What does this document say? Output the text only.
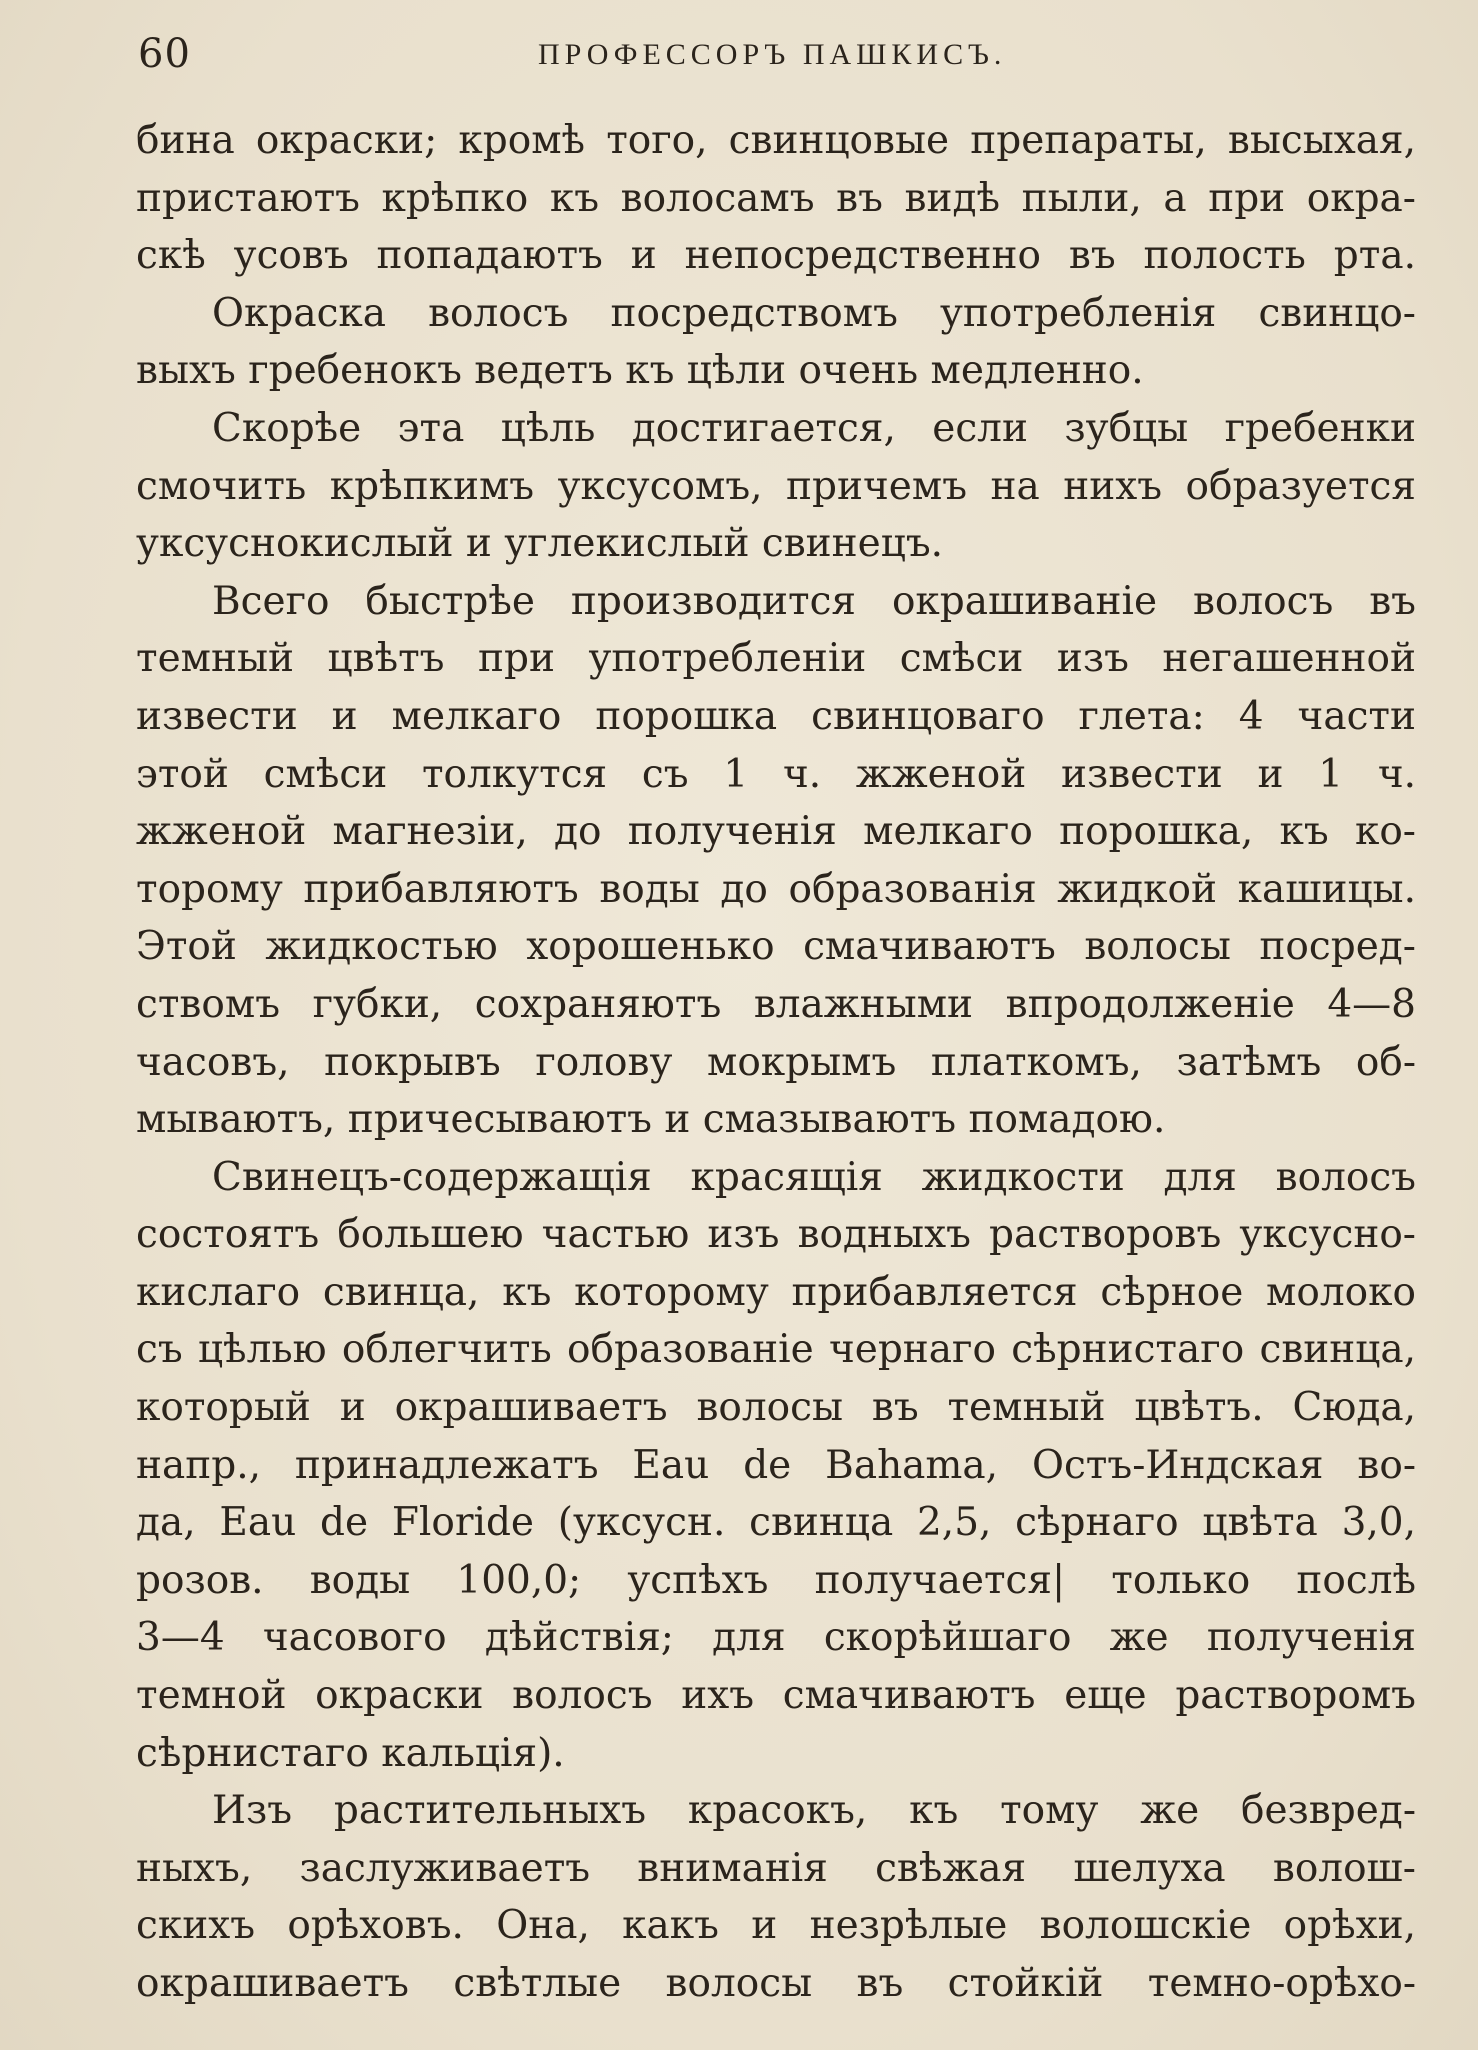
60	ПРОФЕССОРЪ ПАШКИСЪ.
бина окраски; кромѣ того, свинцовые препараты, высыхая,
пристаютъ крѣпко къ волосамъ въ видѣ пыли, а при окра-
скѣ усовъ попадаютъ и непосредственно въ полость рта.
Окраска волосъ посредствомъ употребленія свинцо-
выхъ гребенокъ ведетъ къ цѣли очень медленно.
Скорѣе эта цѣль достигается, если зубцы гребенки
смочить крѣпкимъ уксусомъ, причемъ на нихъ образуется
уксуснокислый и углекислый свинецъ.
Всего быстрѣе производится окрашиваніе волосъ въ
темный цвѣтъ при употребленіи смѣси изъ негашенной
извести и мелкаго порошка свинцоваго глета: 4 части
этой смѣси толкутся съ 1 ч. жженой извести и 1 ч.
жженой магнезіи, до полученія мелкаго порошка, къ ко-
торому прибавляютъ воды до образованія жидкой кашицы.
Этой жидкостью хорошенько смачиваютъ волосы посред-
ствомъ губки, сохраняютъ влажными впродолженіе 4—8
часовъ, покрывъ голову мокрымъ платкомъ, затѣмъ об-
мываютъ, причесываютъ и смазываютъ помадою.
Свинецъ-содержащія красящія жидкости для волосъ
состоятъ большею частью изъ водныхъ растворовъ уксусно-
кислаго свинца, къ которому прибавляется сѣрное молоко
съ цѣлью облегчить образованіе чернаго сѣрнистаго свинца,
который и окрашиваетъ волосы въ темный цвѣтъ. Сюда,
напр., принадлежатъ Eau de Bahama, Остъ-Индская во-
да, Eau de Floride (уксусн. свинца 2,5, сѣрнаго цвѣта 3,0,
розов. воды 100,0; успѣхъ получается| только послѣ
3—4 часового дѣйствія; для скорѣйшаго же полученія
темной окраски волосъ ихъ смачиваютъ еще растворомъ
сѣрнистаго кальція).
Изъ растительныхъ красокъ, къ тому же безвред-
ныхъ, заслуживаетъ вниманія свѣжая шелуха волош-
скихъ орѣховъ. Она, какъ и незрѣлые волошскіе орѣхи,
окрашиваетъ свѣтлые волосы въ стойкій темно-орѣхо-
